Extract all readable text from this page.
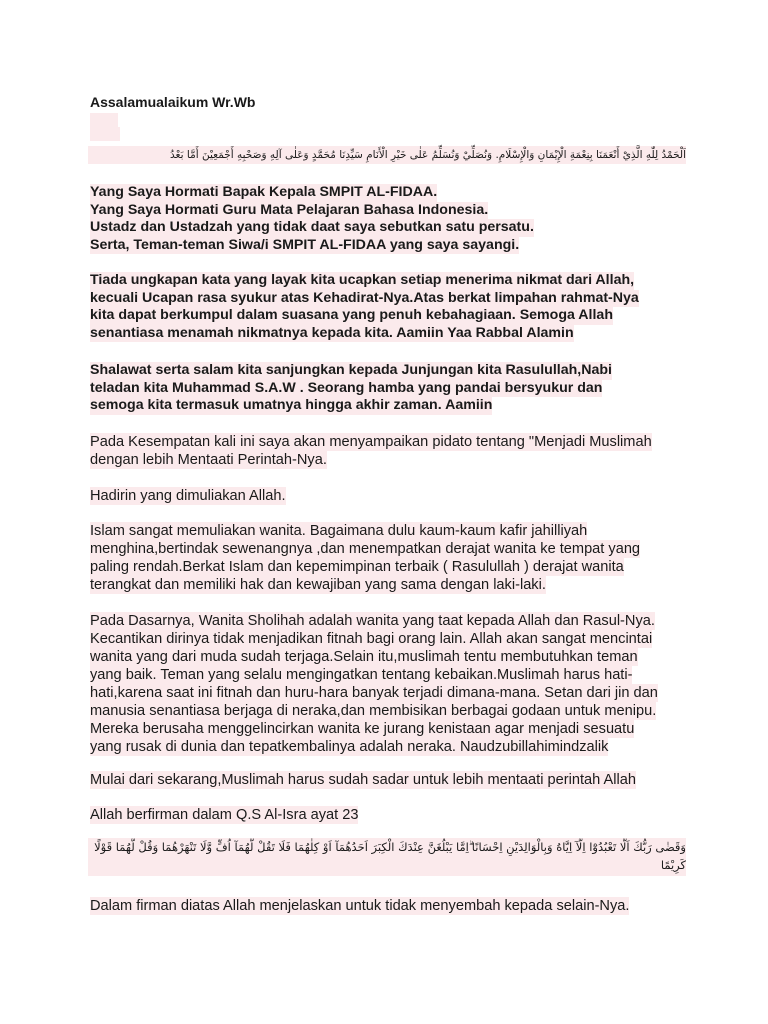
Assalamualaikum Wr.Wb
اَلْحَمْدُ لِلّٰهِ الَّذِيْ أَنْعَمَنَا بِنِعْمَةِ الْإِيْمَانِ وَالْإِسْلَامِ. وَنُصَلِّيْ وَنُسَلِّمُ عَلٰى خَيْرِ الْأَنَامِ سَيِّدِنَا مُحَمَّدٍ وَعَلٰى آلِهِ وَصَحْبِهِ أَجْمَعِيْنَ أَمَّا بَعْدُ
Yang Saya Hormati Bapak Kepala SMPIT AL-FIDAA.
Yang Saya Hormati Guru Mata Pelajaran Bahasa Indonesia.
Ustadz dan Ustadzah yang tidak daat saya sebutkan satu persatu.
Serta, Teman-teman Siwa/i SMPIT AL-FIDAA yang saya sayangi.
Tiada ungkapan kata yang layak kita ucapkan setiap menerima nikmat dari Allah,
kecuali Ucapan rasa syukur atas Kehadirat-Nya.Atas berkat limpahan rahmat-Nya
kita dapat berkumpul dalam suasana yang penuh kebahagiaan. Semoga Allah
senantiasa menamah nikmatnya kepada kita. Aamiin Yaa Rabbal Alamin
Shalawat serta salam kita sanjungkan kepada Junjungan kita Rasulullah,Nabi
teladan kita Muhammad S.A.W . Seorang hamba yang pandai bersyukur dan
semoga kita termasuk umatnya hingga akhir zaman. Aamiin
Pada Kesempatan kali ini saya akan menyampaikan pidato tentang "Menjadi Muslimah
dengan lebih Mentaati Perintah-Nya.
Hadirin yang dimuliakan Allah.
Islam sangat memuliakan wanita. Bagaimana dulu kaum-kaum kafir jahilliyah
menghina,bertindak sewenangnya ,dan menempatkan derajat wanita ke tempat yang
paling rendah.Berkat Islam dan kepemimpinan terbaik ( Rasulullah ) derajat wanita
terangkat dan memiliki hak dan kewajiban yang sama dengan laki-laki.
Pada Dasarnya, Wanita Sholihah adalah wanita yang taat kepada Allah dan Rasul-Nya.
Kecantikan dirinya tidak menjadikan fitnah bagi orang lain. Allah akan sangat mencintai
wanita yang dari muda sudah terjaga.Selain itu,muslimah tentu membutuhkan teman
yang baik. Teman yang selalu mengingatkan tentang kebaikan.Muslimah harus hati-
hati,karena saat ini fitnah dan huru-hara banyak terjadi dimana-mana. Setan dari jin dan
manusia senantiasa berjaga di neraka,dan membisikan berbagai godaan untuk menipu.
Mereka berusaha menggelincirkan wanita ke jurang kenistaan agar menjadi sesuatu
yang rusak di dunia dan tepatkembalinya adalah neraka. Naudzubillahimindzalik
Mulai dari sekarang,Muslimah harus sudah sadar untuk lebih mentaati perintah Allah
Allah berfirman dalam Q.S Al-Isra ayat 23
وَقَضٰى رَبُّكَ اَلَّا تَعْبُدُوْٓا اِلَّآ اِيَّاهُ وَبِالْوَالِدَيْنِ اِحْسَانًا ۗاِمَّا يَبْلُغَنَّ عِنْدَكَ الْكِبَرَ اَحَدُهُمَآ اَوْ كِلٰهُمَا فَلَا تَقُلْ لَّهُمَآ اُفٍّ وَّلَا تَنْهَرْهُمَا وَقُلْ لَّهُمَا قَوْلًا كَرِيْمًا
Dalam firman diatas Allah menjelaskan untuk tidak menyembah kepada selain-Nya.
